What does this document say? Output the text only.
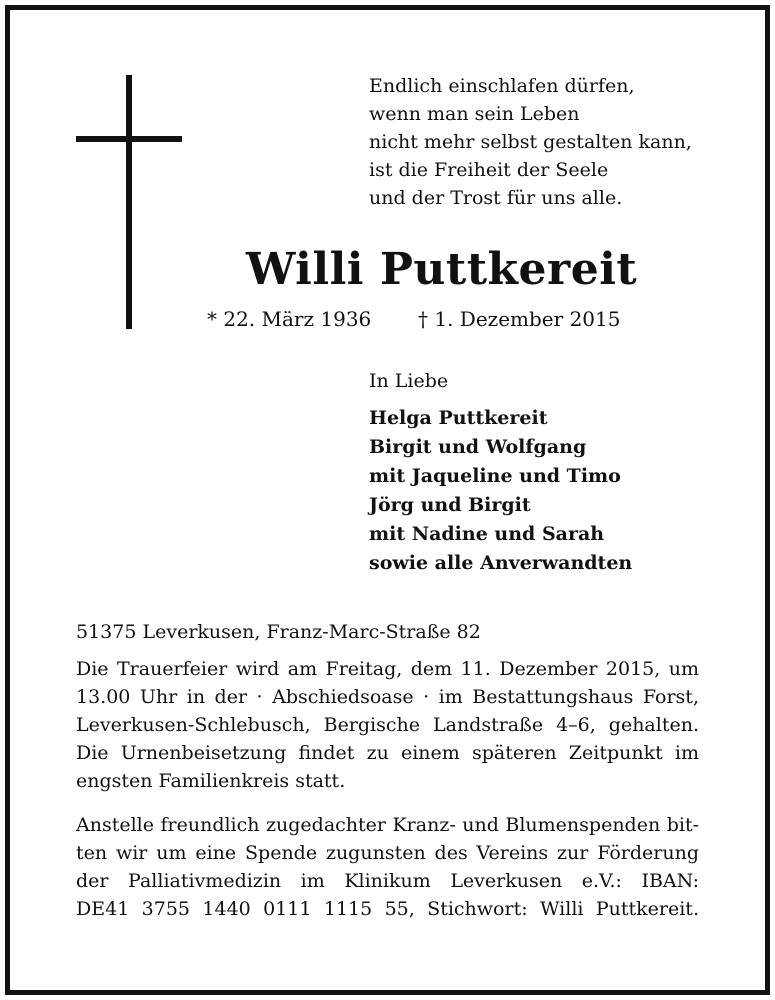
Endlich einschlafen dürfen,
wenn man sein Leben
nicht mehr selbst gestalten kann,
ist die Freiheit der Seele
und der Trost für uns alle.
Willi Puttkereit
* 22. März 1936 † 1. Dezember 2015
In Liebe
Helga Puttkereit
Birgit und Wolfgang
mit Jaqueline und Timo
Jörg und Birgit
mit Nadine und Sarah
sowie alle Anverwandten
51375 Leverkusen, Franz-Marc-Straße 82
Die Trauerfeier wird am Freitag, dem 11. Dezember 2015, um
13.00 Uhr in der · Abschiedsoase · im Bestattungshaus Forst,
Leverkusen-Schlebusch, Bergische Landstraße 4–6, gehalten.
Die Urnenbeisetzung findet zu einem späteren Zeitpunkt im
engsten Familienkreis statt.
Anstelle freundlich zugedachter Kranz- und Blumenspenden bit-
ten wir um eine Spende zugunsten des Vereins zur Förderung
der Palliativmedizin im Klinikum Leverkusen e.V.: IBAN:
DE41 3755 1440 0111 1115 55, Stichwort: Willi Puttkereit.
